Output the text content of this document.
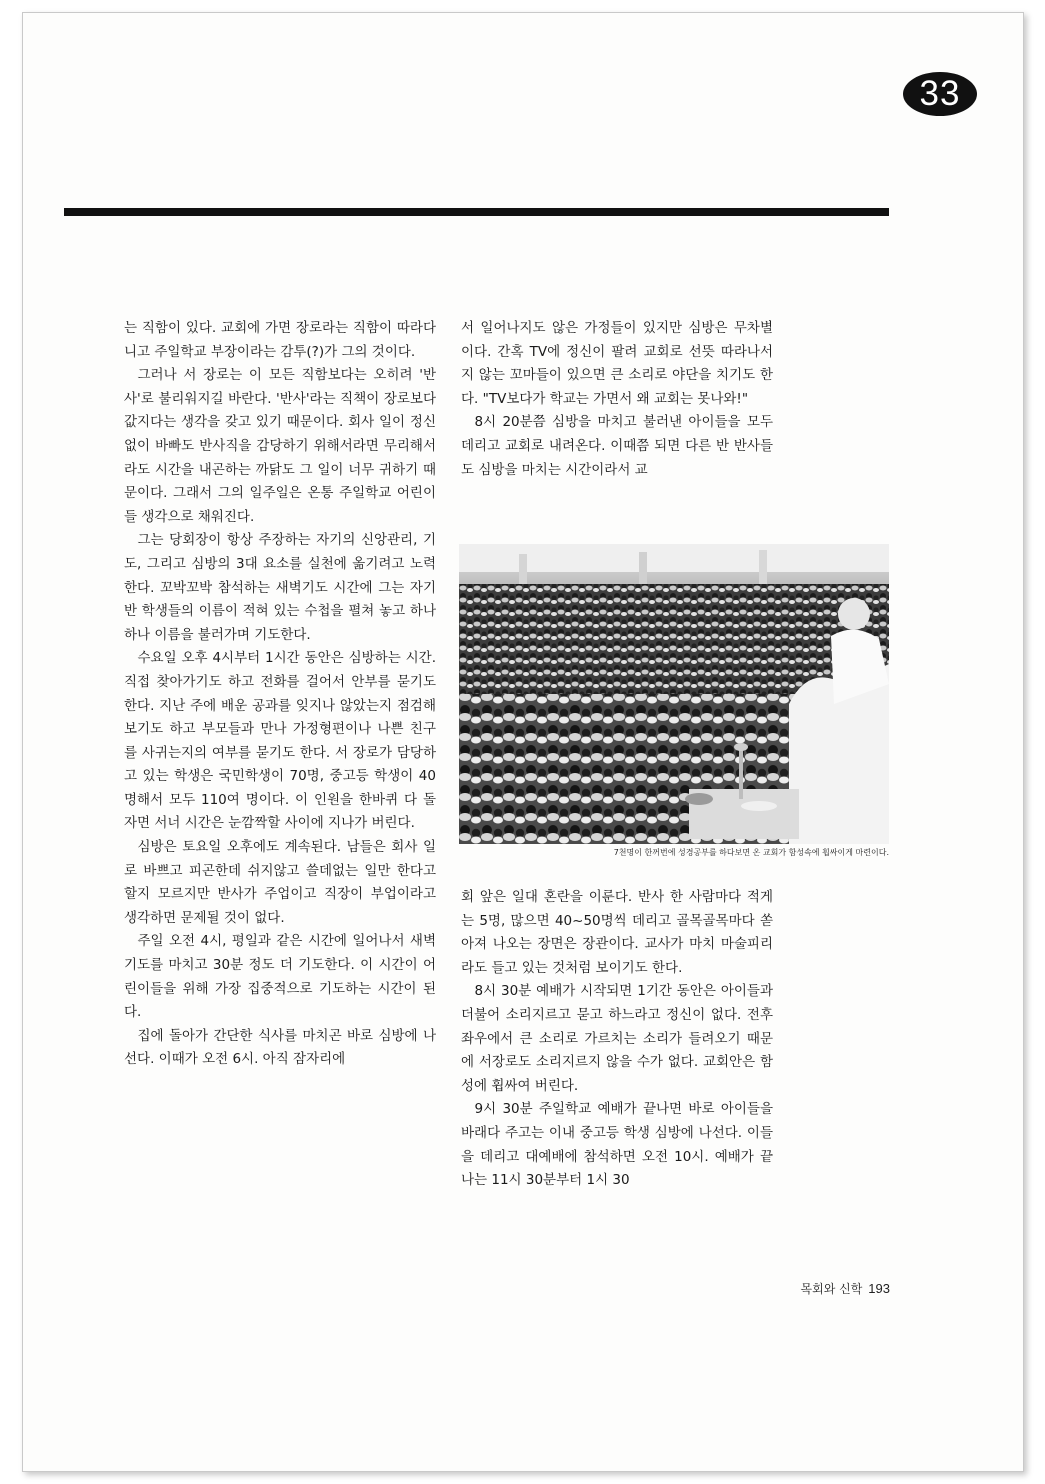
33

는 직함이 있다. 교회에 가면 장로라는 직함이 따라다니고 주일학교 부장이라는 감투(?)가 그의 것이다.

그러나 서 장로는 이 모든 직함보다는 오히려 '반사'로 불리워지길 바란다. '반사'라는 직책이 장로보다 값지다는 생각을 갖고 있기 때문이다. 회사 일이 정신없이 바빠도 반사직을 감당하기 위해서라면 무리해서라도 시간을 내곤하는 까닭도 그 일이 너무 귀하기 때문이다. 그래서 그의 일주일은 온통 주일학교 어린이들 생각으로 채워진다.

그는 당회장이 항상 주장하는 자기의 신앙관리, 기도, 그리고 심방의 3대 요소를 실천에 옮기려고 노력한다. 꼬박꼬박 참석하는 새벽기도 시간에 그는 자기 반 학생들의 이름이 적혀 있는 수첩을 펼쳐 놓고 하나하나 이름을 불러가며 기도한다.

수요일 오후 4시부터 1시간 동안은 심방하는 시간. 직접 찾아가기도 하고 전화를 걸어서 안부를 묻기도 한다. 지난 주에 배운 공과를 잊지나 않았는지 점검해 보기도 하고 부모들과 만나 가정형편이나 나쁜 친구를 사귀는지의 여부를 묻기도 한다. 서 장로가 담당하고 있는 학생은 국민학생이 70명, 중고등 학생이 40명해서 모두 110여 명이다. 이 인원을 한바퀴 다 돌자면 서너 시간은 눈깜짝할 사이에 지나가 버린다.

심방은 토요일 오후에도 계속된다. 남들은 회사 일로 바쁘고 피곤한데 쉬지않고 쓸데없는 일만 한다고 할지 모르지만 반사가 주업이고 직장이 부업이라고 생각하면 문제될 것이 없다.

주일 오전 4시, 평일과 같은 시간에 일어나서 새벽기도를 마치고 30분 정도 더 기도한다. 이 시간이 어린이들을 위해 가장 집중적으로 기도하는 시간이 된다.

집에 돌아가 간단한 식사를 마치곤 바로 심방에 나선다. 이때가 오전 6시. 아직 잠자리에

서 일어나지도 않은 가정들이 있지만 심방은 무차별이다. 간혹 TV에 정신이 팔려 교회로 선뜻 따라나서지 않는 꼬마들이 있으면 큰 소리로 야단을 치기도 한다. "TV보다가 학교는 가면서 왜 교회는 못나와!"

8시 20분쯤 심방을 마치고 불러낸 아이들을 모두 데리고 교회로 내려온다. 이때쯤 되면 다른 반 반사들도 심방을 마치는 시간이라서 교

7천명이 한꺼번에 성경공부를 하다보면 온 교회가 함성속에 휩싸이게 마련이다.

회 앞은 일대 혼란을 이룬다. 반사 한 사람마다 적게는 5명, 많으면 40~50명씩 데리고 골목골목마다 쏟아져 나오는 장면은 장관이다. 교사가 마치 마술피리라도 들고 있는 것처럼 보이기도 한다.

8시 30분 예배가 시작되면 1기간 동안은 아이들과 더불어 소리지르고 묻고 하느라고 정신이 없다. 전후좌우에서 큰 소리로 가르치는 소리가 들려오기 때문에 서장로도 소리지르지 않을 수가 없다. 교회안은 함성에 휩싸여 버린다.

9시 30분 주일학교 예배가 끝나면 바로 아이들을 바래다 주고는 이내 중고등 학생 심방에 나선다. 이들을 데리고 대예배에 참석하면 오전 10시. 예배가 끝나는 11시 30분부터 1시 30

목회와 신학 193
